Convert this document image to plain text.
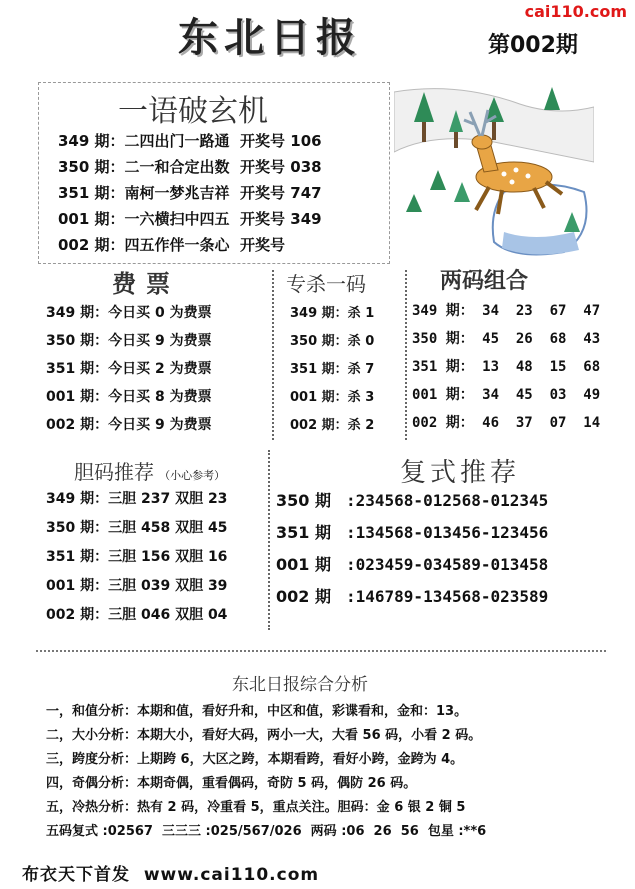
东北日报
cai110.com
第002期
一语破玄机
349 期：二四出门一路通 开奖号 106
350 期：二一和合定出数 开奖号 038
351 期：南柯一梦兆吉祥 开奖号 747
001 期：一六横扫中四五 开奖号 349
002 期：四五作伴一条心 开奖号
费票
349 期：今日买 0 为费票
350 期：今日买 9 为费票
351 期：今日买 2 为费票
001 期：今日买 8 为费票
002 期：今日买 9 为费票
专杀一码
349 期：杀 1
350 期：杀 0
351 期：杀 7
001 期：杀 3
002 期：杀 2
两码组合
349 期： 34  23  67  47
350 期： 45  26  68  43
351 期： 13  48  15  68
001 期： 34  45  03  49
002 期： 46  37  07  14
胆码推荐 （小心参考）
349 期：三胆 237 双胆 23
350 期：三胆 458 双胆 45
351 期：三胆 156 双胆 16
001 期：三胆 039 双胆 39
002 期：三胆 046 双胆 04
复式推荐
350 期 :234568-012568-012345
351 期 :134568-013456-123456
001 期 :023459-034589-013458
002 期 :146789-134568-023589
东北日报综合分析
一，和值分析：本期和值，看好升和，中区和值，彩谍看和，金和：13。
二，大小分析：本期大小，看好大码，两小一大，大看 56 码，小看 2 码。
三，跨度分析：上期跨 6，大区之跨，本期看跨，看好小跨，金跨为 4。
四，奇偶分析：本期奇偶，重看偶码，奇防 5 码，偶防 26 码。
五，冷热分析：热有 2 码，冷重看 5，重点关注。胆码：金 6 银 2 铜 5
五码复式 :02567  三三三 :025/567/026  两码 :06  26  56  包星 :**6
布衣天下首发  www.cai110.com
